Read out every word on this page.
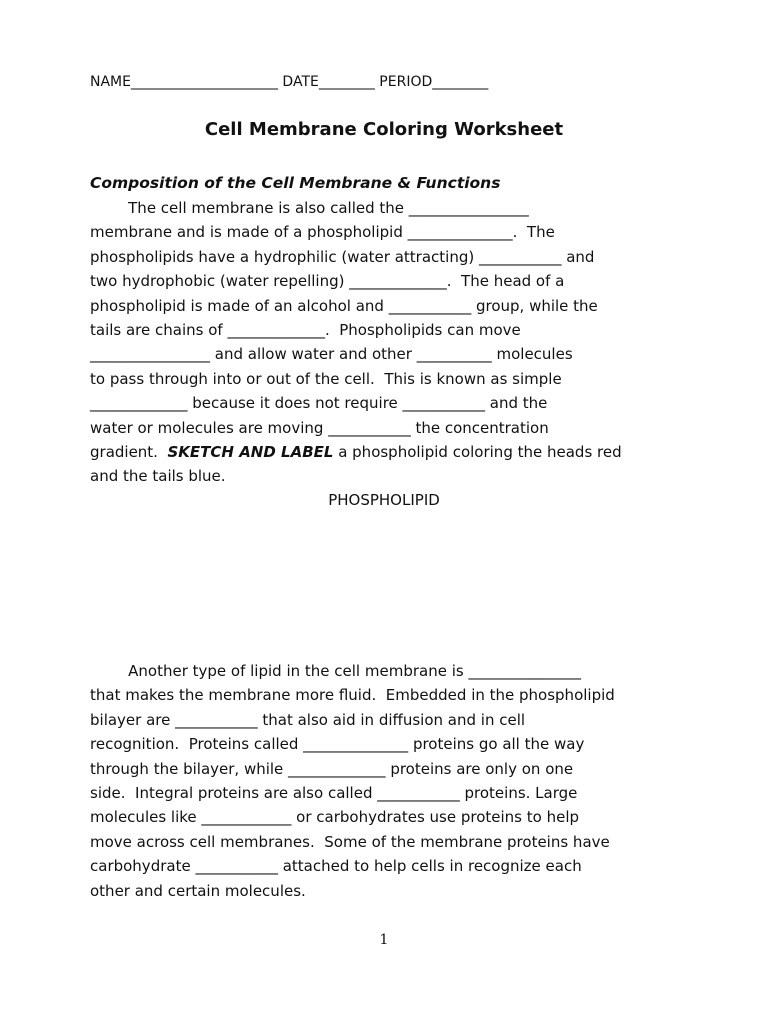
NAME_____________________ DATE________ PERIOD________
Cell Membrane Coloring Worksheet
Composition of the Cell Membrane & Functions
The cell membrane is also called the ________________
membrane and is made of a phospholipid ______________.  The
phospholipids have a hydrophilic (water attracting) ___________ and
two hydrophobic (water repelling) _____________.  The head of a
phospholipid is made of an alcohol and ___________ group, while the
tails are chains of _____________.  Phospholipids can move
________________ and allow water and other __________ molecules
to pass through into or out of the cell.  This is known as simple
_____________ because it does not require ___________ and the
water or molecules are moving ___________ the concentration
gradient.  SKETCH AND LABEL a phospholipid coloring the heads red
and the tails blue.
PHOSPHOLIPID
Another type of lipid in the cell membrane is _______________
that makes the membrane more fluid.  Embedded in the phospholipid
bilayer are ___________ that also aid in diffusion and in cell
recognition.  Proteins called ______________ proteins go all the way
through the bilayer, while _____________ proteins are only on one
side.  Integral proteins are also called ___________ proteins. Large
molecules like ____________ or carbohydrates use proteins to help
move across cell membranes.  Some of the membrane proteins have
carbohydrate ___________ attached to help cells in recognize each
other and certain molecules.
1
